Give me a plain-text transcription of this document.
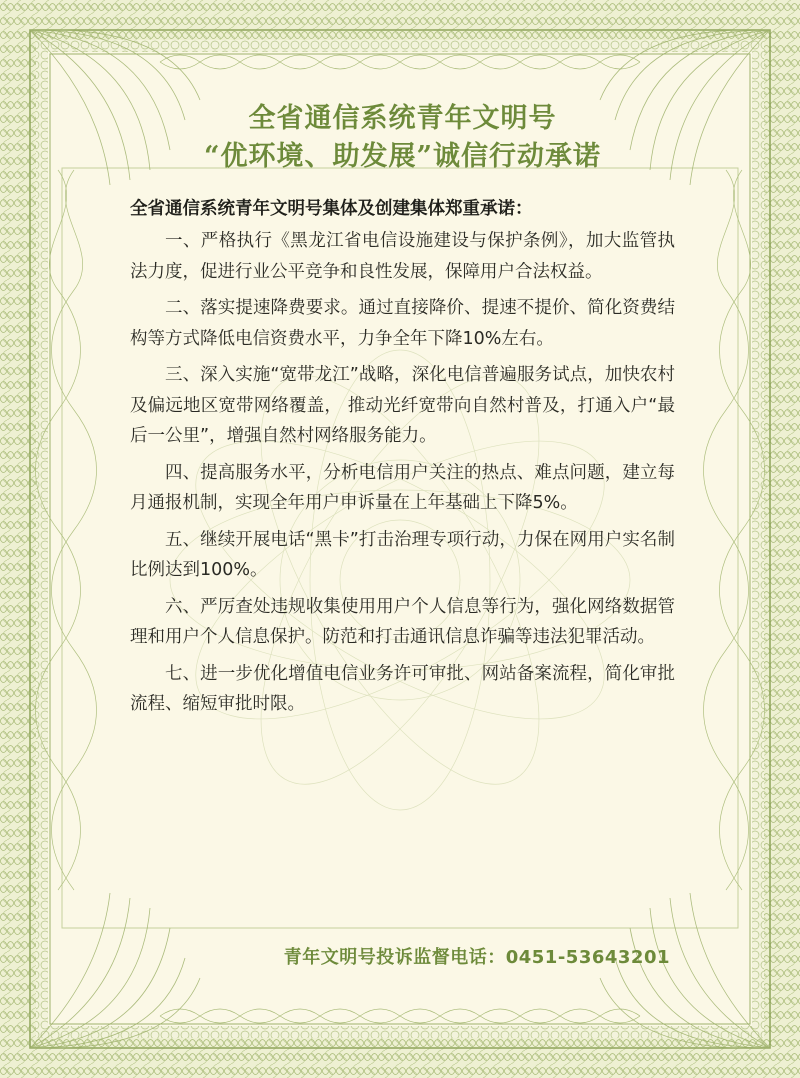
全省通信系统青年文明号
“优环境、助发展”诚信行动承诺
全省通信系统青年文明号集体及创建集体郑重承诺：

一、严格执行《黑龙江省电信设施建设与保护条例》，加大监管执法力度，促进行业公平竞争和良性发展，保障用户合法权益。

二、落实提速降费要求。通过直接降价、提速不提价、简化资费结构等方式降低电信资费水平，力争全年下降10%左右。

三、深入实施“宽带龙江”战略，深化电信普遍服务试点，加快农村及偏远地区宽带网络覆盖， 推动光纤宽带向自然村普及，打通入户“最后一公里”，增强自然村网络服务能力。

四、提高服务水平，分析电信用户关注的热点、难点问题，建立每月通报机制，实现全年用户申诉量在上年基础上下降5%。

五、继续开展电话“黑卡”打击治理专项行动，力保在网用户实名制比例达到100%。

六、严厉查处违规收集使用用户个人信息等行为，强化网络数据管理和用户个人信息保护。防范和打击通讯信息诈骗等违法犯罪活动。

七、进一步优化增值电信业务许可审批、网站备案流程，简化审批流程、缩短审批时限。

青年文明号投诉监督电话：0451-53643201
